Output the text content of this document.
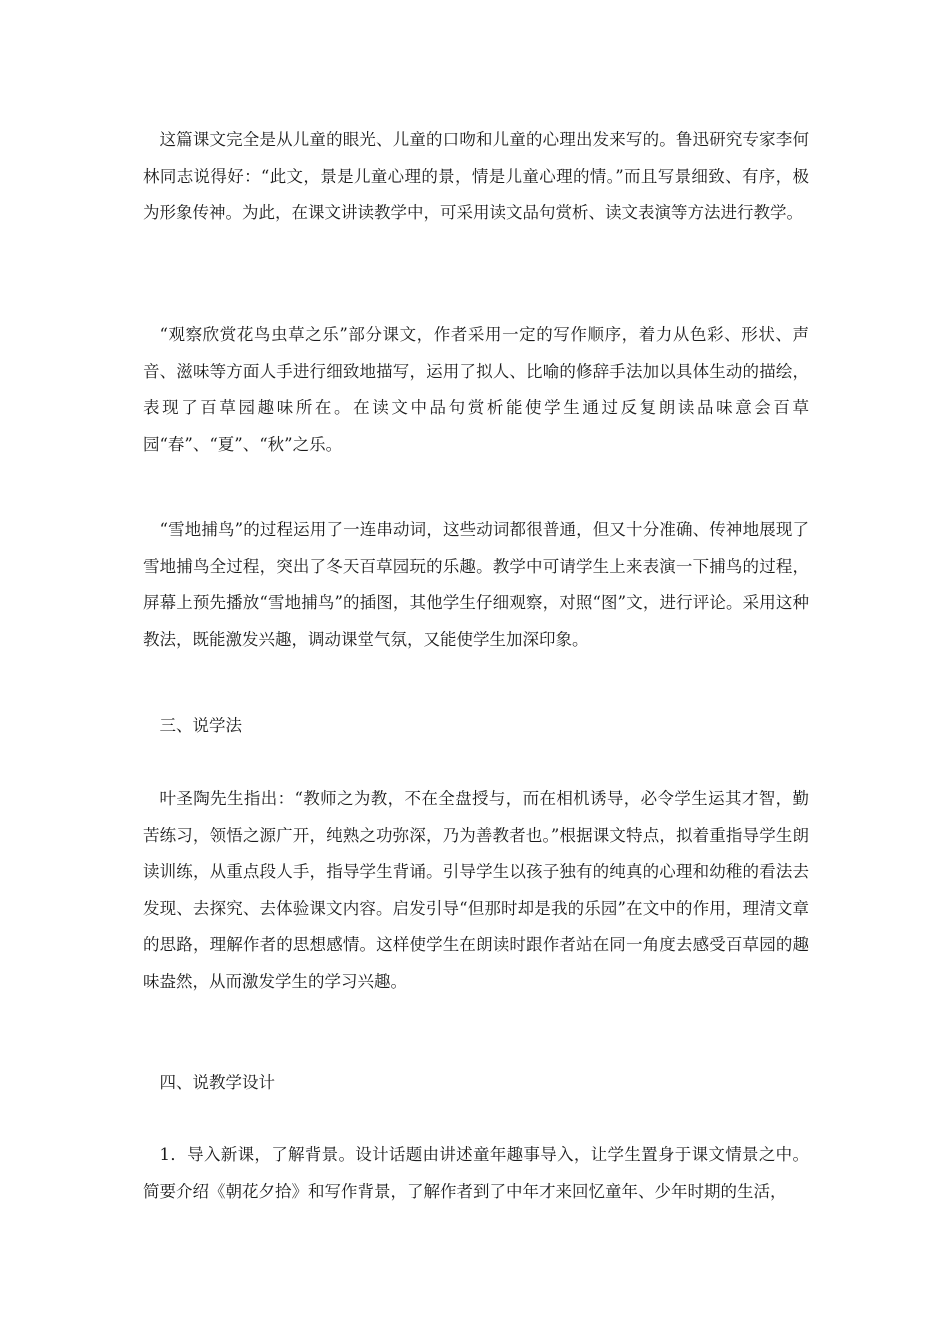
这篇课文完全是从儿童的眼光、儿童的口吻和儿童的心理出发来写的。鲁迅研究专家李何林同志说得好：“此文，景是儿童心理的景，情是儿童心理的情。”而且写景细致、有序，极为形象传神。为此，在课文讲读教学中，可采用读文品句赏析、读文表演等方法进行教学。

“观察欣赏花鸟虫草之乐”部分课文，作者采用一定的写作顺序，着力从色彩、形状、声音、滋味等方面人手进行细致地描写，运用了拟人、比喻的修辞手法加以具体生动的描绘，表现了百草园趣味所在。在读文中品句赏析能使学生通过反复朗读品味意会百草园“春”、“夏”、“秋”之乐。

“雪地捕鸟”的过程运用了一连串动词，这些动词都很普通，但又十分准确、传神地展现了雪地捕鸟全过程，突出了冬天百草园玩的乐趣。教学中可请学生上来表演一下捕鸟的过程，屏幕上预先播放“雪地捕鸟”的插图，其他学生仔细观察，对照“图”文，进行评论。采用这种教法，既能激发兴趣，调动课堂气氛，又能使学生加深印象。

三、说学法

叶圣陶先生指出：“教师之为教，不在全盘授与，而在相机诱导，必令学生运其才智，勤苦练习，领悟之源广开，纯熟之功弥深，乃为善教者也。”根据课文特点，拟着重指导学生朗读训练，从重点段人手，指导学生背诵。引导学生以孩子独有的纯真的心理和幼稚的看法去发现、去探究、去体验课文内容。启发引导“但那时却是我的乐园”在文中的作用，理清文章的思路，理解作者的思想感情。这样使学生在朗读时跟作者站在同一角度去感受百草园的趣味盎然，从而激发学生的学习兴趣。

四、说教学设计

1．导入新课，了解背景。设计话题由讲述童年趣事导入，让学生置身于课文情景之中。简要介绍《朝花夕拾》和写作背景，了解作者到了中年才来回忆童年、少年时期的生活，
